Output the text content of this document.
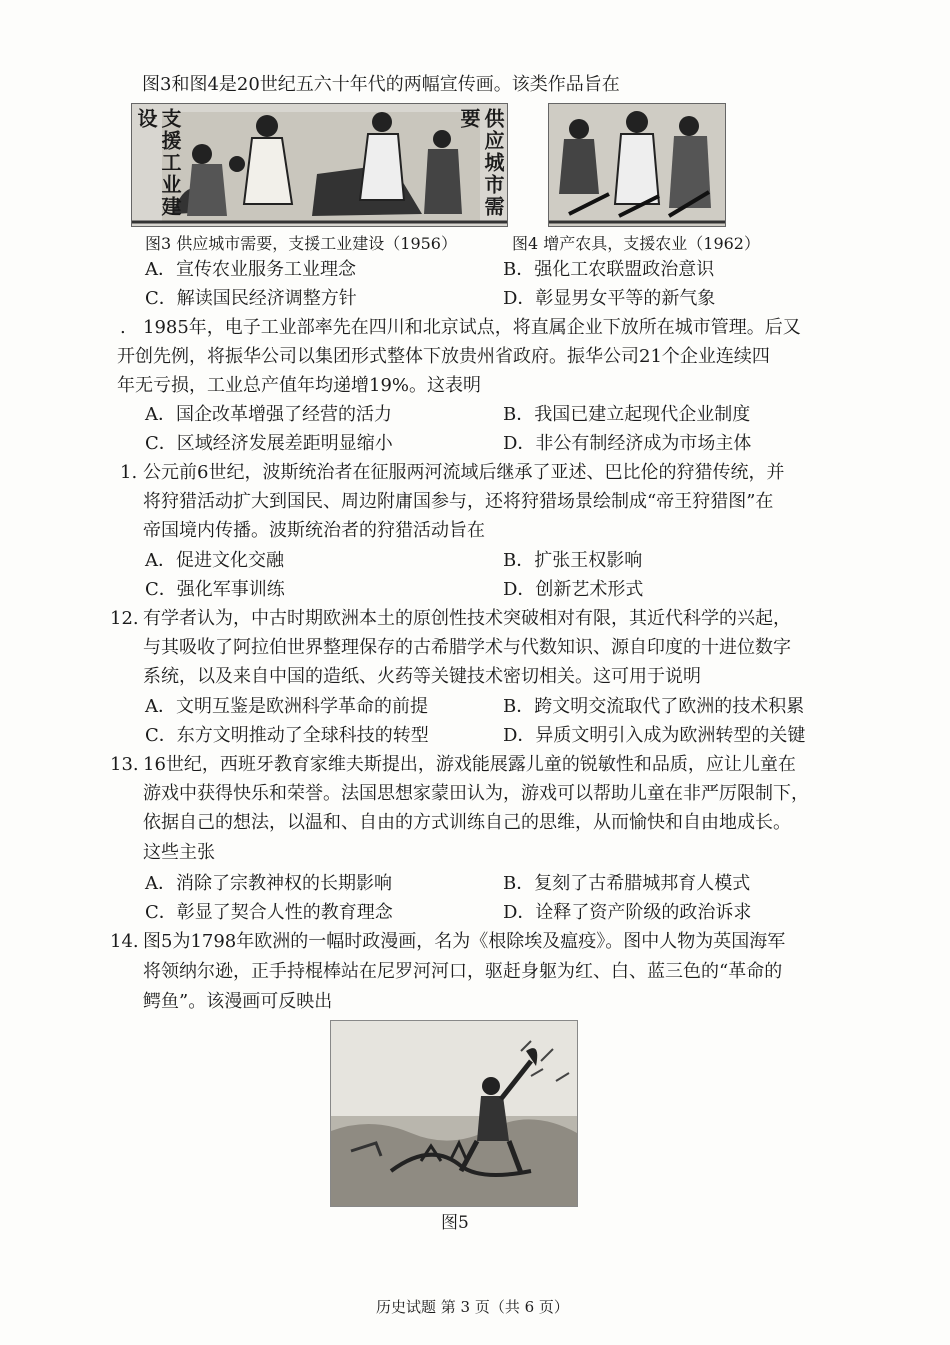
图3和图4是20世纪五六十年代的两幅宣传画。该类作品旨在
支援工业建设	供应城市需要
图3 供应城市需要，支援工业建设（1956）	图4 增产农具，支援农业（1962）
A．宣传农业服务工业理念	B．强化工农联盟政治意识
C．解读国民经济调整方针	D．彰显男女平等的新气象
. 1985年，电子工业部率先在四川和北京试点，将直属企业下放所在城市管理。后又
开创先例，将振华公司以集团形式整体下放贵州省政府。振华公司21个企业连续四
年无亏损，工业总产值年均递增19%。这表明
A．国企改革增强了经营的活力	B．我国已建立起现代企业制度
C．区域经济发展差距明显缩小	D．非公有制经济成为市场主体
1. 公元前6世纪，波斯统治者在征服两河流域后继承了亚述、巴比伦的狩猎传统，并
将狩猎活动扩大到国民、周边附庸国参与，还将狩猎场景绘制成“帝王狩猎图”在
帝国境内传播。波斯统治者的狩猎活动旨在
A．促进文化交融	B．扩张王权影响
C．强化军事训练	D．创新艺术形式
12. 有学者认为，中古时期欧洲本土的原创性技术突破相对有限，其近代科学的兴起，
与其吸收了阿拉伯世界整理保存的古希腊学术与代数知识、源自印度的十进位数字
系统，以及来自中国的造纸、火药等关键技术密切相关。这可用于说明
A．文明互鉴是欧洲科学革命的前提	B．跨文明交流取代了欧洲的技术积累
C．东方文明推动了全球科技的转型	D．异质文明引入成为欧洲转型的关键
13. 16世纪，西班牙教育家维夫斯提出，游戏能展露儿童的锐敏性和品质，应让儿童在
游戏中获得快乐和荣誉。法国思想家蒙田认为，游戏可以帮助儿童在非严厉限制下，
依据自己的想法，以温和、自由的方式训练自己的思维，从而愉快和自由地成长。
这些主张
A．消除了宗教神权的长期影响	B．复刻了古希腊城邦育人模式
C．彰显了契合人性的教育理念	D．诠释了资产阶级的政治诉求
14. 图5为1798年欧洲的一幅时政漫画，名为《根除埃及瘟疫》。图中人物为英国海军
将领纳尔逊，正手持棍棒站在尼罗河河口，驱赶身躯为红、白、蓝三色的“革命的
鳄鱼”。该漫画可反映出
图5
历史试题 第 3 页（共 6 页）
